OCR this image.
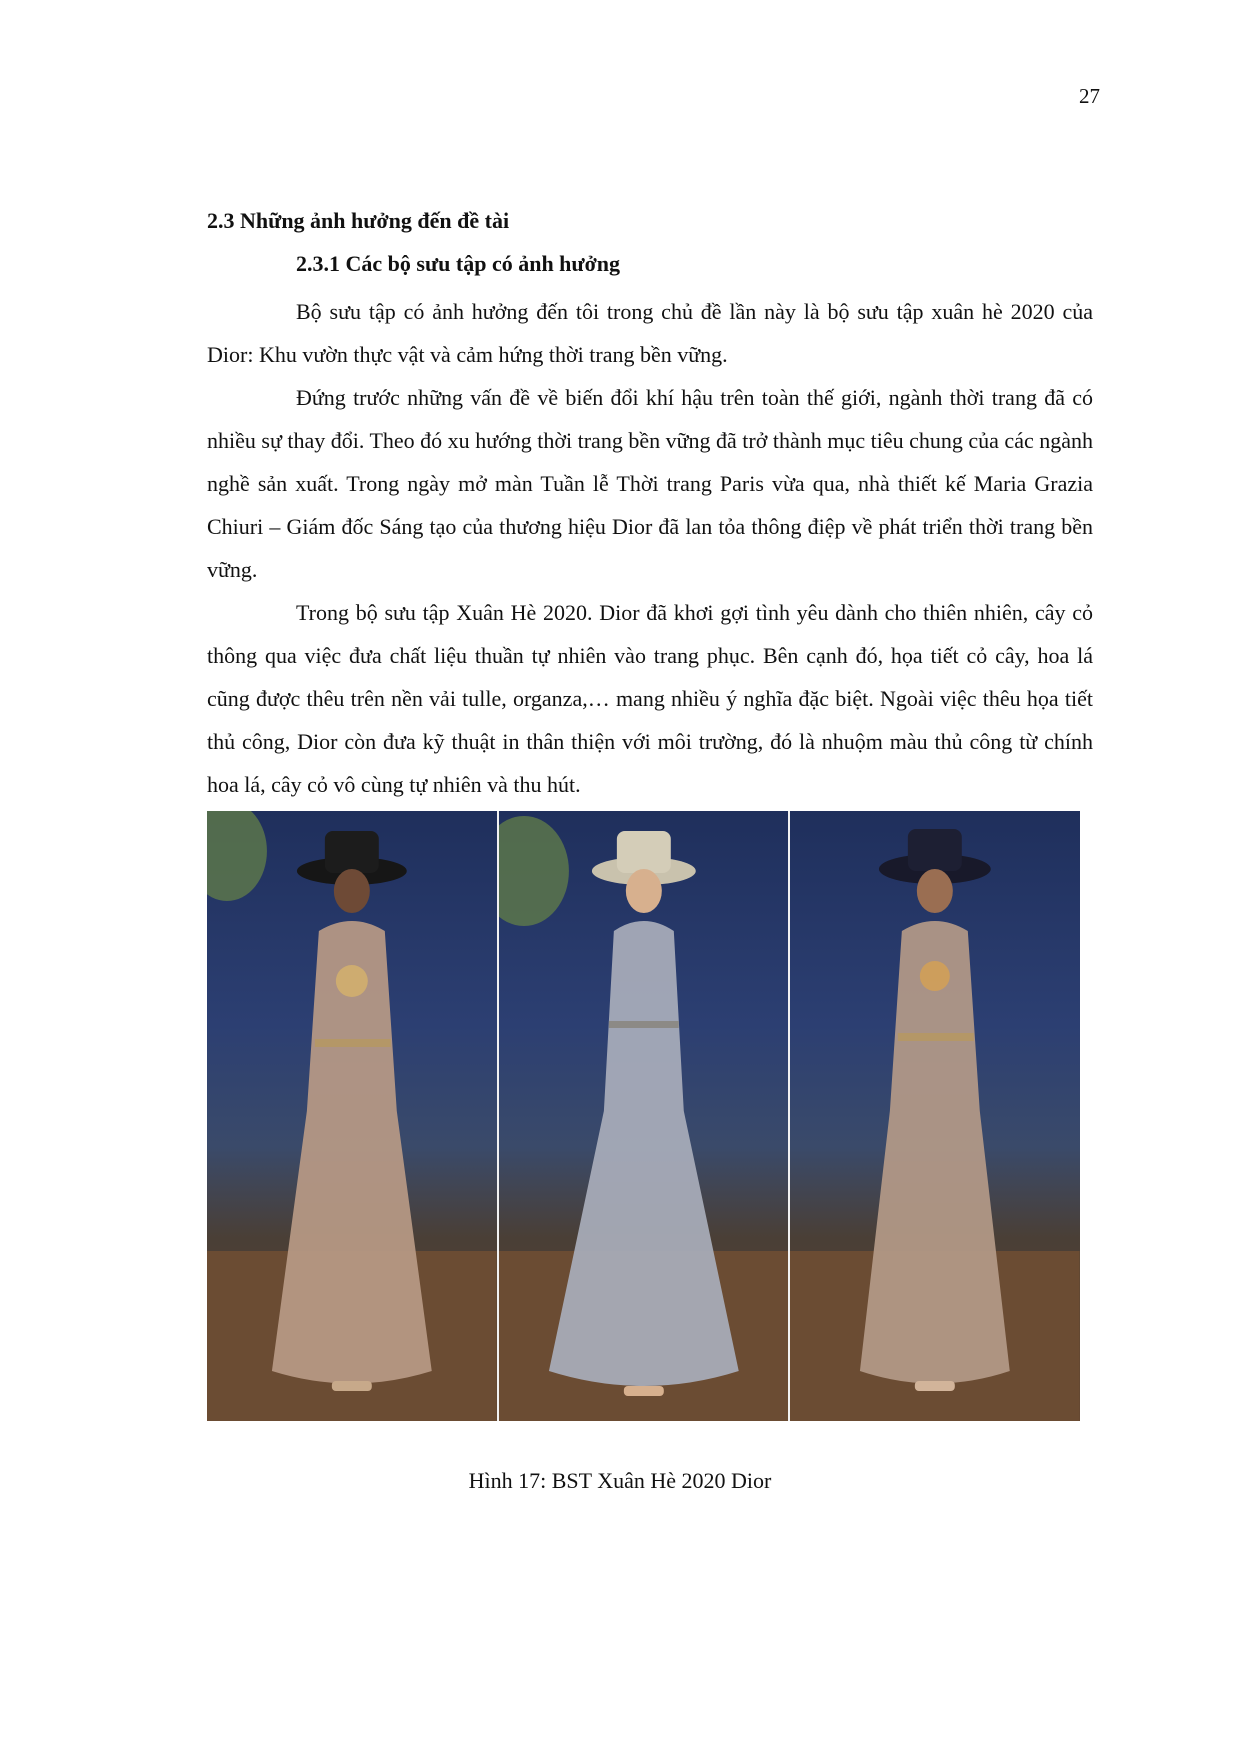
27
2.3 Những ảnh hưởng đến đề tài
2.3.1 Các bộ sưu tập có ảnh hưởng

Bộ sưu tập có ảnh hưởng đến tôi trong chủ đề lần này là bộ sưu tập xuân hè 2020 của Dior: Khu vườn thực vật và cảm hứng thời trang bền vững.

Đứng trước những vấn đề về biến đổi khí hậu trên toàn thế giới, ngành thời trang đã có nhiều sự thay đổi. Theo đó xu hướng thời trang bền vững đã trở thành mục tiêu chung của các ngành nghề sản xuất. Trong ngày mở màn Tuần lễ Thời trang Paris vừa qua, nhà thiết kế Maria Grazia Chiuri – Giám đốc Sáng tạo của thương hiệu Dior đã lan tỏa thông điệp về phát triển thời trang bền vững.

Trong bộ sưu tập Xuân Hè 2020. Dior đã khơi gợi tình yêu dành cho thiên nhiên, cây cỏ thông qua việc đưa chất liệu thuần tự nhiên vào trang phục. Bên cạnh đó, họa tiết cỏ cây, hoa lá cũng được thêu trên nền vải tulle, organza,… mang nhiều ý nghĩa đặc biệt. Ngoài việc thêu họa tiết thủ công, Dior còn đưa kỹ thuật in thân thiện với môi trường, đó là nhuộm màu thủ công từ chính hoa lá, cây cỏ vô cùng tự nhiên và thu hút.

Hình 17: BST Xuân Hè 2020 Dior
